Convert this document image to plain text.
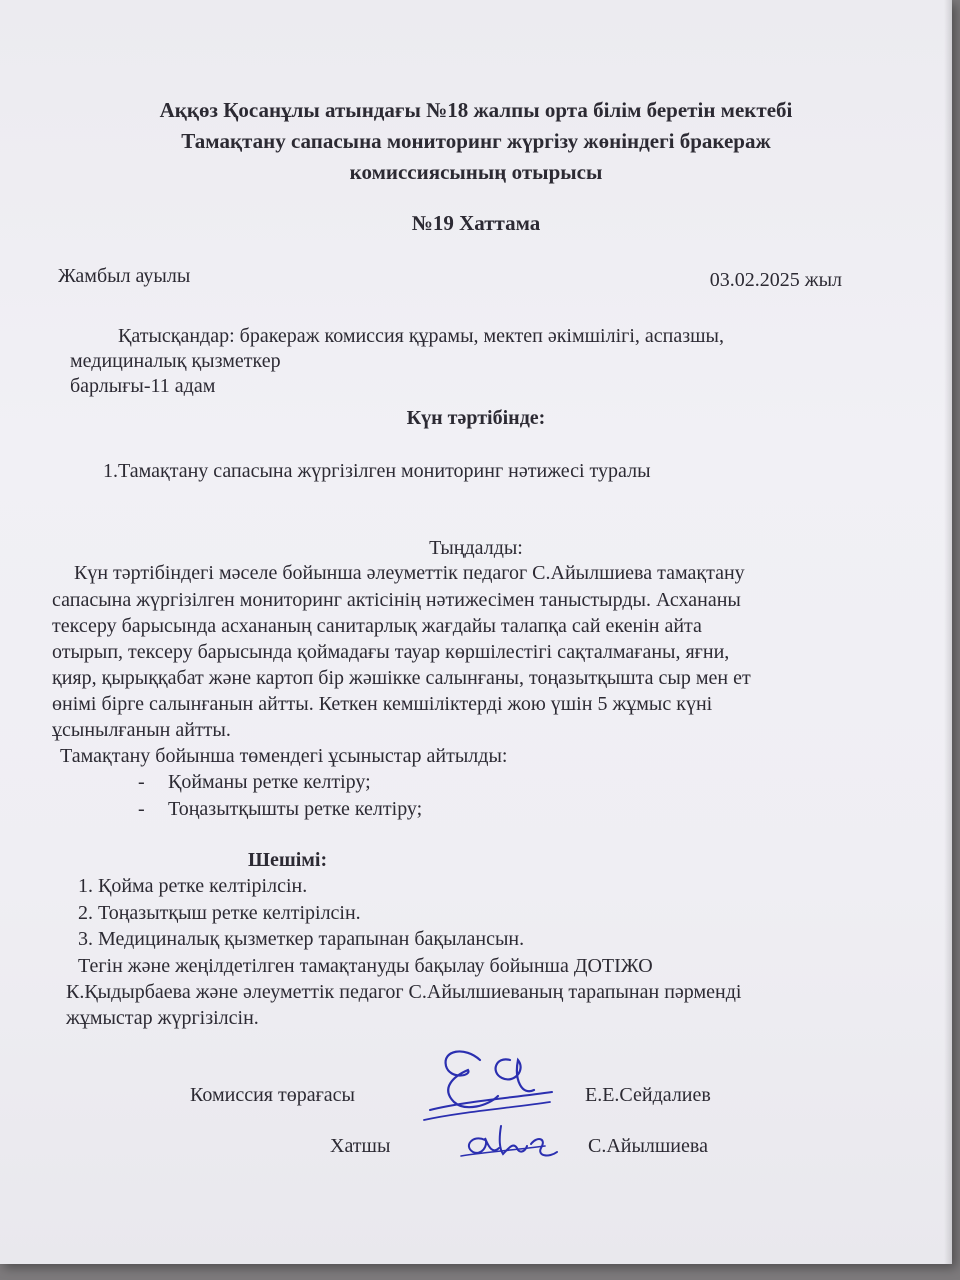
Аққөз Қосанұлы атындағы №18 жалпы орта білім беретін мектебі
Тамақтану сапасына мониторинг жүргізу жөніндегі бракераж
комиссиясының отырысы
№19 Хаттама
Жамбыл ауылы	03.02.2025 жыл
Қатысқандар: бракераж комиссия құрамы, мектеп әкімшілігі, аспазшы,
медициналық қызметкер
барлығы-11 адам
Күн тәртібінде:
1.Тамақтану сапасына жүргізілген мониторинг нәтижесі туралы
Тыңдалды:
Күн тәртібіндегі мәселе бойынша әлеуметтік педагог С.Айылшиева тамақтану
сапасына жүргізілген мониторинг актісінің нәтижесімен таныстырды. Асхананы
тексеру барысында асхананың санитарлық жағдайы талапқа сай екенін айта
отырып, тексеру барысында қоймадағы тауар көршілестігі сақталмағаны, яғни,
қияр, қырыққабат және картоп бір жәшікке салынғаны, тоңазытқышта сыр мен ет
өнімі бірге салынғанын айтты. Кеткен кемшіліктерді жою үшін 5 жұмыс күні
ұсынылғанын айтты.
Тамақтану бойынша төмендегі ұсыныстар айтылды:
- Қойманы ретке келтіру;
- Тоңазытқышты ретке келтіру;
Шешімі:
1. Қойма ретке келтірілсін.
2. Тоңазытқыш ретке келтірілсін.
3. Медициналық қызметкер тарапынан бақылансын.
Тегін және жеңілдетілген тамақтануды бақылау бойынша ДОТІЖО
К.Қыдырбаева және әлеуметтік педагог С.Айылшиеваның тарапынан пәрменді
жұмыстар жүргізілсін.
Комиссия төрағасы	Е.Е.Сейдалиев
Хатшы	С.Айылшиева
